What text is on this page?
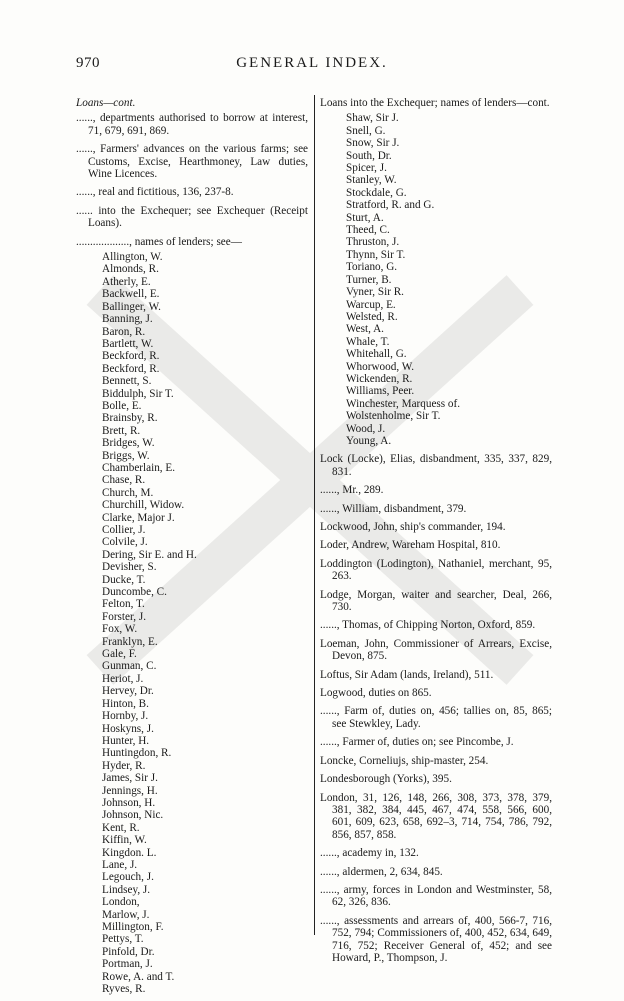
970	GENERAL INDEX.
Loans—cont.
......, departments authorised to borrow at interest, 71, 679, 691, 869.
......, Farmers' advances on the various farms; see Customs, Excise, Hearthmoney, Law duties, Wine Licences.
......, real and fictitious, 136, 237-8.
...... into the Exchequer; see Exchequer (Receipt Loans).
..................., names of lenders; see—
Allington, W.
Almonds, R.
Atherly, E.
Backwell, E.
Ballinger, W.
Banning, J.
Baron, R.
Bartlett, W.
Beckford, R.
Beckford, R.
Bennett, S.
Biddulph, Sir T.
Bolle, E.
Brainsby, R.
Brett, R.
Bridges, W.
Briggs, W.
Chamberlain, E.
Chase, R.
Church, M.
Churchill, Widow.
Clarke, Major J.
Collier, J.
Colvile, J.
Dering, Sir E. and H.
Devisher, S.
Ducke, T.
Duncombe, C.
Felton, T.
Forster, J.
Fox, W.
Franklyn, E.
Gale, F.
Gunman, C.
Heriot, J.
Hervey, Dr.
Hinton, B.
Hornby, J.
Hoskyns, J.
Hunter, H.
Huntingdon, R.
Hyder, R.
James, Sir J.
Jennings, H.
Johnson, H.
Johnson, Nic.
Kent, R.
Kiffin, W.
Kingdon. L.
Lane, J.
Legouch, J.
Lindsey, J.
London,
Marlow, J.
Millington, F.
Pettys, T.
Pinfold, Dr.
Portman, J.
Rowe, A. and T.
Ryves, R.
Loans into the Exchequer; names of lenders—cont.
Shaw, Sir J.
Snell, G.
Snow, Sir J.
South, Dr.
Spicer, J.
Stanley, W.
Stockdale, G.
Stratford, R. and G.
Sturt, A.
Theed, C.
Thruston, J.
Thynn, Sir T.
Toriano, G.
Turner, B.
Vyner, Sir R.
Warcup, E.
Welsted, R.
West, A.
Whale, T.
Whitehall, G.
Whorwood, W.
Wickenden, R.
Williams, Peer.
Winchester, Marquess of.
Wolstenholme, Sir T.
Wood, J.
Young, A.
Lock (Locke), Elias, disbandment, 335, 337, 829, 831.
......, Mr., 289.
......, William, disbandment, 379.
Lockwood, John, ship's commander, 194.
Loder, Andrew, Wareham Hospital, 810.
Loddington (Lodington), Nathaniel, merchant, 95, 263.
Lodge, Morgan, waiter and searcher, Deal, 266, 730.
......, Thomas, of Chipping Norton, Oxford, 859.
Loeman, John, Commissioner of Arrears, Excise, Devon, 875.
Loftus, Sir Adam (lands, Ireland), 511.
Logwood, duties on 865.
......, Farm of, duties on, 456; tallies on, 85, 865; see Stewkley, Lady.
......, Farmer of, duties on; see Pincombe, J.
Loncke, Corneliujs, ship-master, 254.
Londesborough (Yorks), 395.
London, 31, 126, 148, 266, 308, 373, 378, 379, 381, 382, 384, 445, 467, 474, 558, 566, 600, 601, 609, 623, 658, 692–3, 714, 754, 786, 792, 856, 857, 858.
......, academy in, 132.
......, aldermen, 2, 634, 845.
......, army, forces in London and Westminster, 58, 62, 326, 836.
......, assessments and arrears of, 400, 566-7, 716, 752, 794; Commissioners of, 400, 452, 634, 649, 716, 752; Receiver General of, 452; and see Howard, P., Thompson, J.
